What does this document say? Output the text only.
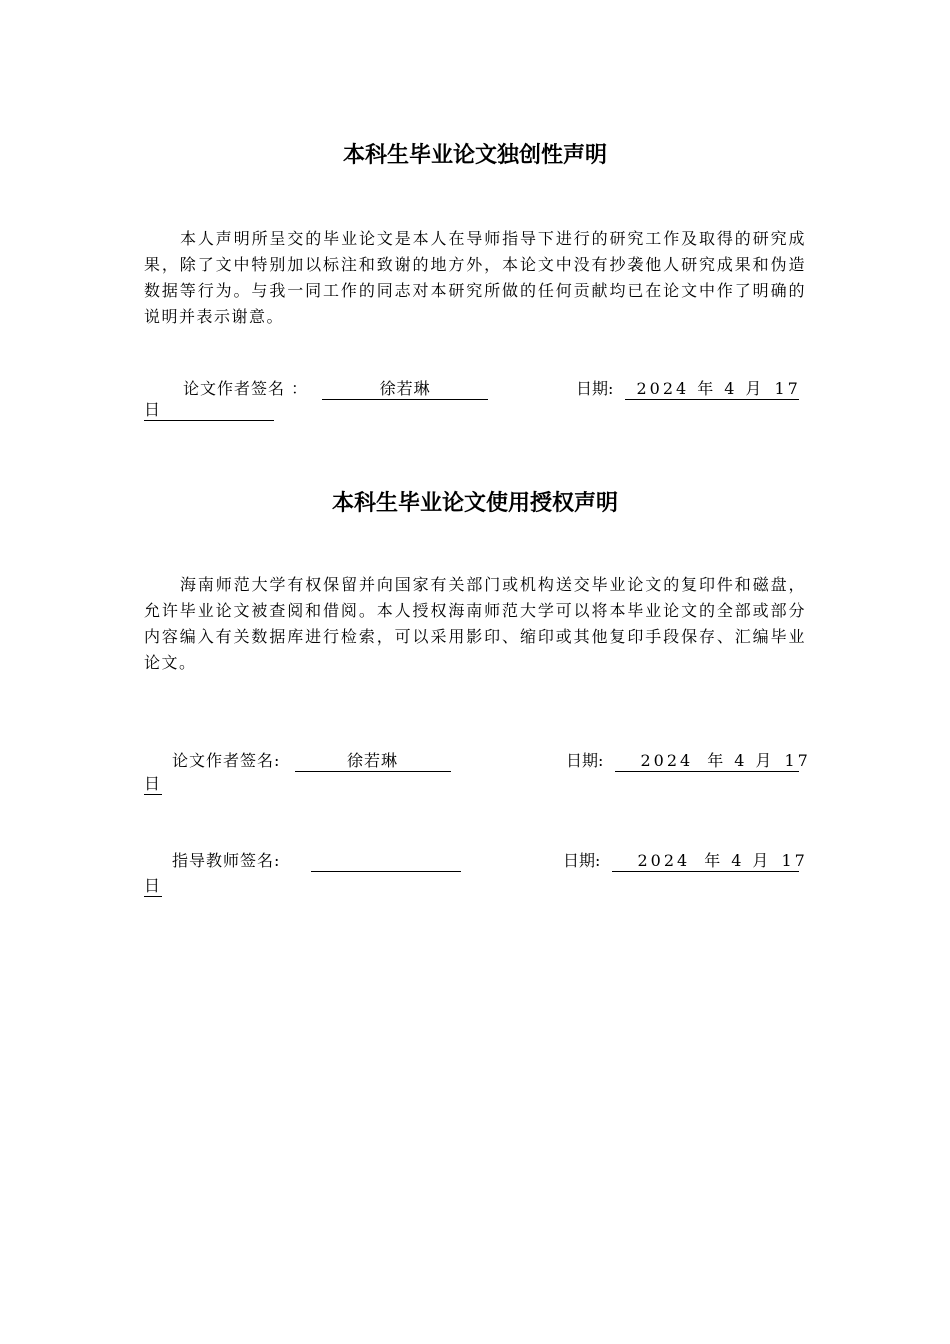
本科生毕业论文独创性声明
本人声明所呈交的毕业论文是本人在导师指导下进行的研究工作及取得的研究成果，除了文中特别加以标注和致谢的地方外，本论文中没有抄袭他人研究成果和伪造数据等行为。与我一同工作的同志对本研究所做的任何贡献均已在论文中作了明确的说明并表示谢意。
论文作者签名 ：	徐若琳	日期: 2024 年 4 月 17
日
本科生毕业论文使用授权声明
海南师范大学有权保留并向国家有关部门或机构送交毕业论文的复印件和磁盘，允许毕业论文被查阅和借阅。本人授权海南师范大学可以将本毕业论文的全部或部分内容编入有关数据库进行检索，可以采用影印、缩印或其他复印手段保存、汇编毕业论文。
论文作者签名:	徐若琳	日期: 2024 年 4 月 17
日
指导教师签名:	日期: 2024 年 4 月 17
日
